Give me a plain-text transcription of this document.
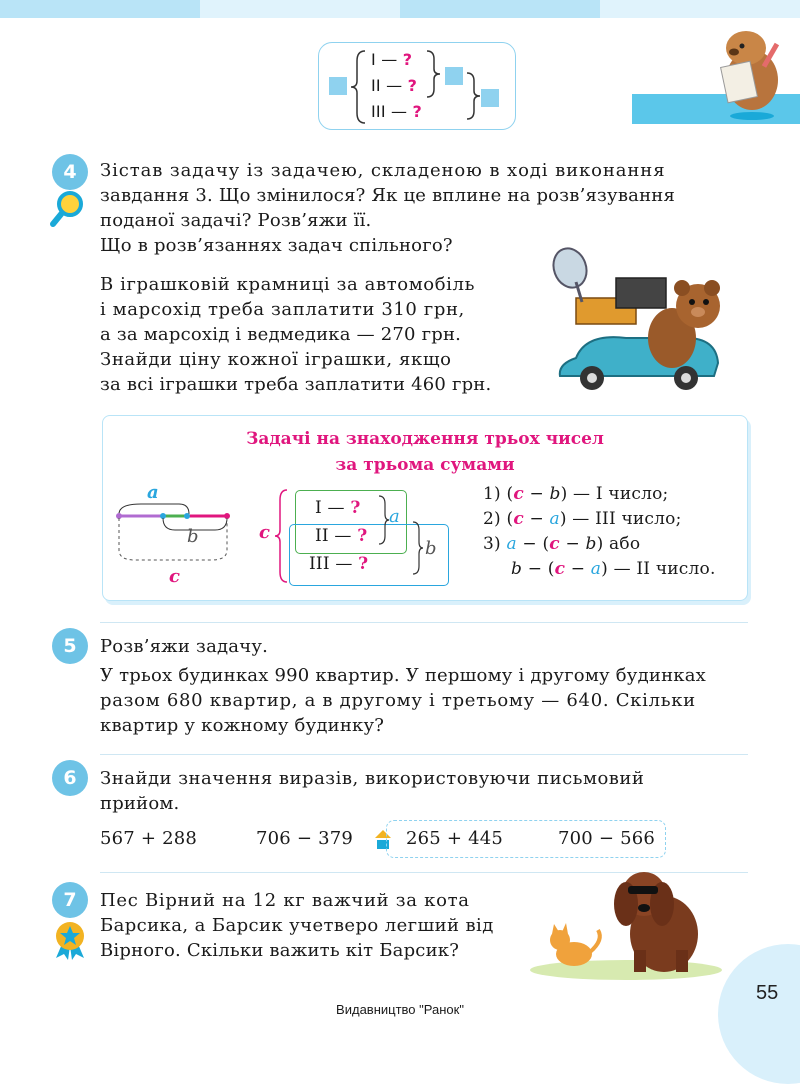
I — ?
II — ?
III — ?
4	Зістав задачу із задачею, складеною в ході виконання
завдання 3. Що змінилося? Як це вплине на розв’язування
поданої задачі? Розв’яжи її.
Що в розв’язаннях задач спільного?
В іграшковій крамниці за автомобіль
і марсохід треба заплатити 310 грн,
а за марсохід і ведмедика — 270 грн.
Знайди ціну кожної іграшки, якщо
за всі іграшки треба заплатити 460 грн.
Задачі на знаходження трьох чисел
за трьома сумами
a
b
c
c
I — ?
II — ?
III — ?
a
b
1) (c − b) — I число;
2) (c − a) — III число;
3) a − (c − b) або
b − (c − a) — II число.
5	Розв’яжи задачу.
У трьох будинках 990 квартир. У першому і другому будинках
разом 680 квартир, а в другому і третьому — 640. Скільки
квартир у кожному будинку?
6	Знайди значення виразів, використовуючи письмовий
прийом.
567 + 288	706 − 379	265 + 445	700 − 566
7	Пес Вірний на 12 кг важчий за кота
Барсика, а Барсик учетверо легший від
Вірного. Скільки важить кіт Барсик?
55
Видавництво "Ранок"
